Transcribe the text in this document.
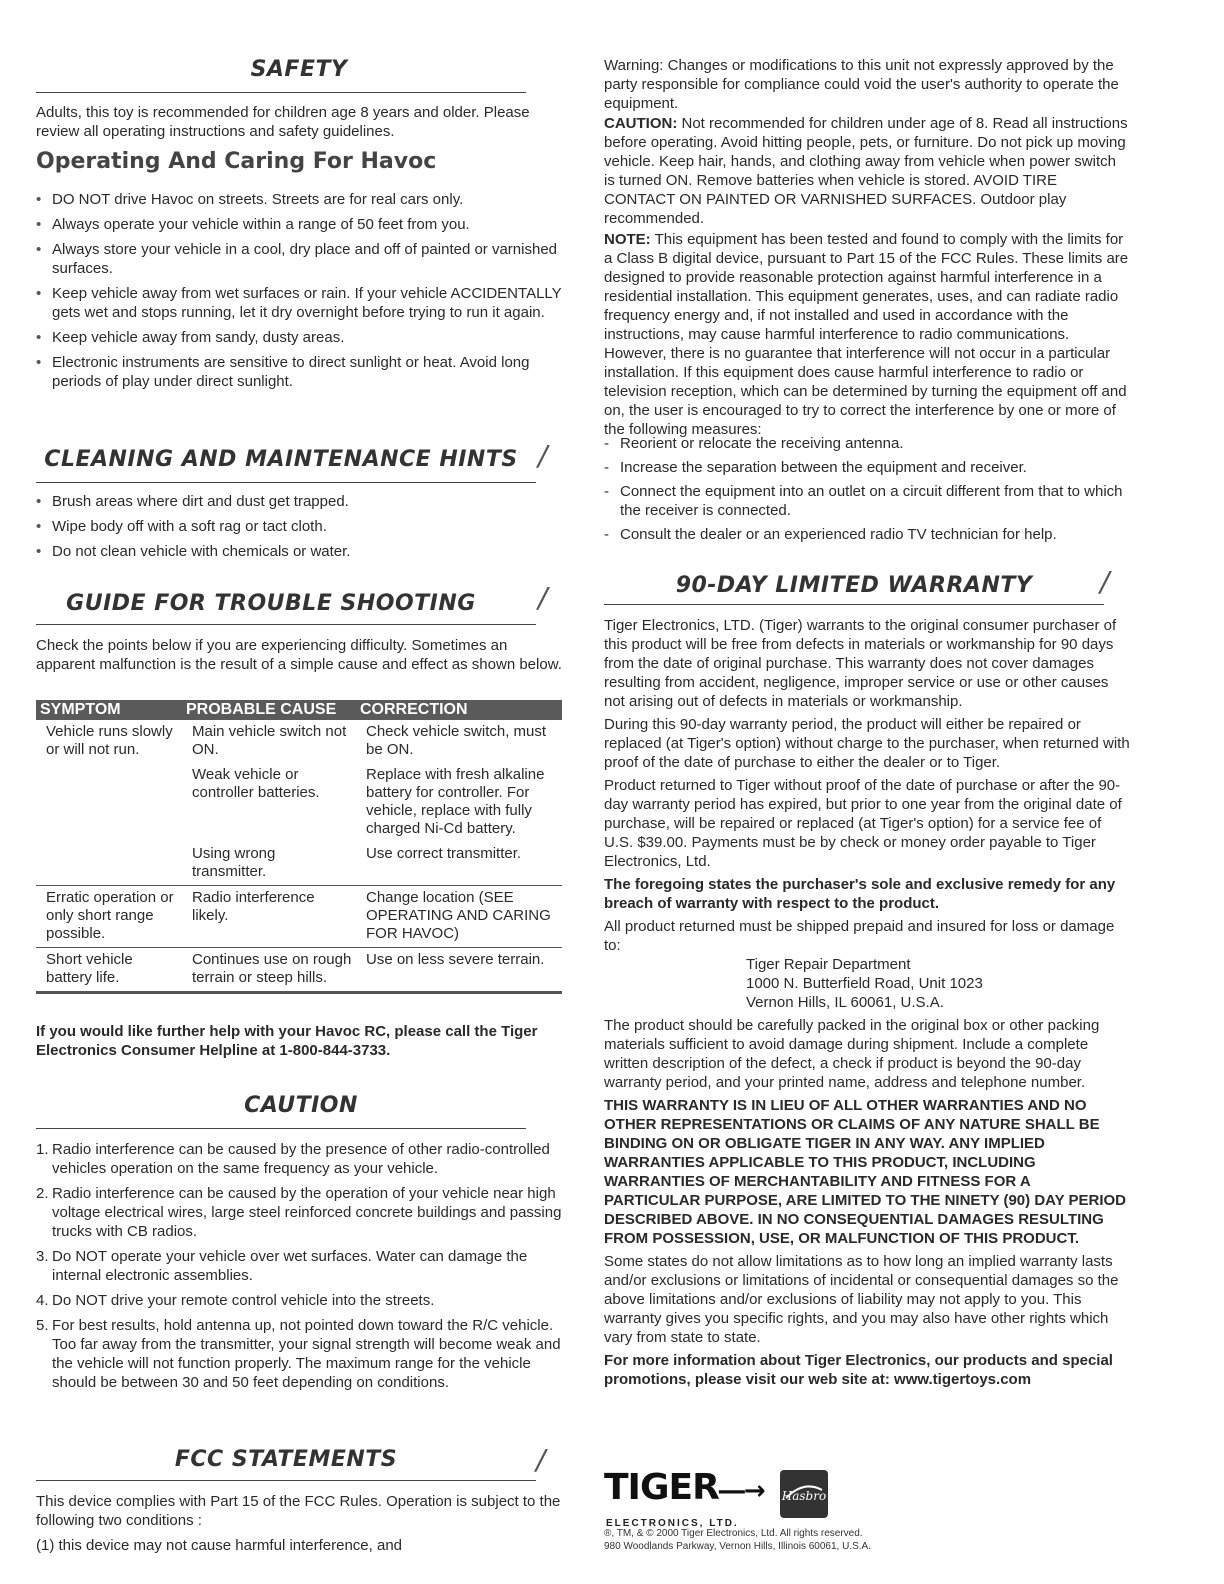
SAFETY

Adults, this toy is recommended for children age 8 years and older. Please review all operating instructions and safety guidelines.

Operating And Caring For Havoc
• DO NOT drive Havoc on streets. Streets are for real cars only.
• Always operate your vehicle within a range of 50 feet from you.
• Always store your vehicle in a cool, dry place and off of painted or varnished surfaces.
• Keep vehicle away from wet surfaces or rain. If your vehicle ACCIDENTALLY gets wet and stops running, let it dry overnight before trying to run it again.
• Keep vehicle away from sandy, dusty areas.
• Electronic instruments are sensitive to direct sunlight or heat. Avoid long periods of play under direct sunlight.
CLEANING AND MAINTENANCE HINTS /
• Brush areas where dirt and dust get trapped.
• Wipe body off with a soft rag or tact cloth.
• Do not clean vehicle with chemicals or water.
GUIDE FOR TROUBLE SHOOTING	/

Check the points below if you are experiencing difficulty. Sometimes an apparent malfunction is the result of a simple cause and effect as shown below.

SYMPTOM	PROBABLE CAUSE	CORRECTION
Vehicle runs slowly or will not run.	Main vehicle switch not ON.	Check vehicle switch, must be ON.
	Weak vehicle or controller batteries.	Replace with fresh alkaline battery for controller. For vehicle, replace with fully charged Ni-Cd battery.
	Using wrong transmitter.	Use correct transmitter.
Erratic operation or only short range possible.	Radio interference likely.	Change location (SEE OPERATING AND CARING FOR HAVOC)
Short vehicle battery life.	Continues use on rough terrain or steep hills.	Use on less severe terrain.

If you would like further help with your Havoc RC, please call the Tiger Electronics Consumer Helpline at 1-800-844-3733.

CAUTION
1. Radio interference can be caused by the presence of other radio-controlled vehicles operation on the same frequency as your vehicle.
2. Radio interference can be caused by the operation of your vehicle near high voltage electrical wires, large steel reinforced concrete buildings and passing trucks with CB radios.
3. Do NOT operate your vehicle over wet surfaces. Water can damage the internal electronic assemblies.
4. Do NOT drive your remote control vehicle into the streets.
5. For best results, hold antenna up, not pointed down toward the R/C vehicle. Too far away from the transmitter, your signal strength will become weak and the vehicle will not function properly. The maximum range for the vehicle should be between 30 and 50 feet depending on conditions.
FCC STATEMENTS	/

This device complies with Part 15 of the FCC Rules. Operation is subject to the following two conditions :

(1) this device may not cause harmful interference, and

Warning: Changes or modifications to this unit not expressly approved by the party responsible for compliance could void the user's authority to operate the equipment.

CAUTION: Not recommended for children under age of 8. Read all instructions before operating. Avoid hitting people, pets, or furniture. Do not pick up moving vehicle. Keep hair, hands, and clothing away from vehicle when power switch is turned ON. Remove batteries when vehicle is stored. AVOID TIRE CONTACT ON PAINTED OR VARNISHED SURFACES. Outdoor play recommended.

NOTE: This equipment has been tested and found to comply with the limits for a Class B digital device, pursuant to Part 15 of the FCC Rules. These limits are designed to provide reasonable protection against harmful interference in a residential installation. This equipment generates, uses, and can radiate radio frequency energy and, if not installed and used in accordance with the instructions, may cause harmful interference to radio communications. However, there is no guarantee that interference will not occur in a particular installation. If this equipment does cause harmful interference to radio or television reception, which can be determined by turning the equipment off and on, the user is encouraged to try to correct the interference by one or more of the following measures:

- Reorient or relocate the receiving antenna.
- Increase the separation between the equipment and receiver.
- Connect the equipment into an outlet on a circuit different from that to which the receiver is connected.
- Consult the dealer or an experienced radio TV technician for help.
90-DAY LIMITED WARRANTY	/

Tiger Electronics, LTD. (Tiger) warrants to the original consumer purchaser of this product will be free from defects in materials or workmanship for 90 days from the date of original purchase. This warranty does not cover damages resulting from accident, negligence, improper service or use or other causes not arising out of defects in materials or workmanship.

During this 90-day warranty period, the product will either be repaired or replaced (at Tiger's option) without charge to the purchaser, when returned with proof of the date of purchase to either the dealer or to Tiger.

Product returned to Tiger without proof of the date of purchase or after the 90-day warranty period has expired, but prior to one year from the original date of purchase, will be repaired or replaced (at Tiger's option) for a service fee of U.S. $39.00. Payments must be by check or money order payable to Tiger Electronics, Ltd.

The foregoing states the purchaser's sole and exclusive remedy for any breach of warranty with respect to the product.

All product returned must be shipped prepaid and insured for loss or damage to:

Tiger Repair Department

1000 N. Butterfield Road, Unit 1023

Vernon Hills, IL 60061, U.S.A.

The product should be carefully packed in the original box or other packing materials sufficient to avoid damage during shipment. Include a complete written description of the defect, a check if product is beyond the 90-day warranty period, and your printed name, address and telephone number.

THIS WARRANTY IS IN LIEU OF ALL OTHER WARRANTIES AND NO OTHER REPRESENTATIONS OR CLAIMS OF ANY NATURE SHALL BE BINDING ON OR OBLIGATE TIGER IN ANY WAY. ANY IMPLIED WARRANTIES APPLICABLE TO THIS PRODUCT, INCLUDING WARRANTIES OF MERCHANTABILITY AND FITNESS FOR A PARTICULAR PURPOSE, ARE LIMITED TO THE NINETY (90) DAY PERIOD DESCRIBED ABOVE. IN NO CONSEQUENTIAL DAMAGES RESULTING FROM POSSESSION, USE, OR MALFUNCTION OF THIS PRODUCT.

Some states do not allow limitations as to how long an implied warranty lasts and/or exclusions or limitations of incidental or consequential damages so the above limitations and/or exclusions of liability may not apply to you. This warranty gives you specific rights, and you may also have other rights which vary from state to state.

For more information about Tiger Electronics, our products and special promotions, please visit our web site at: www.tigertoys.com

TIGER―→
ELECTRONICS, LTD.
Hasbro
®, TM, & © 2000 Tiger Electronics, Ltd. All rights reserved.
980 Woodlands Parkway, Vernon Hills, Illinois 60061, U.S.A.
